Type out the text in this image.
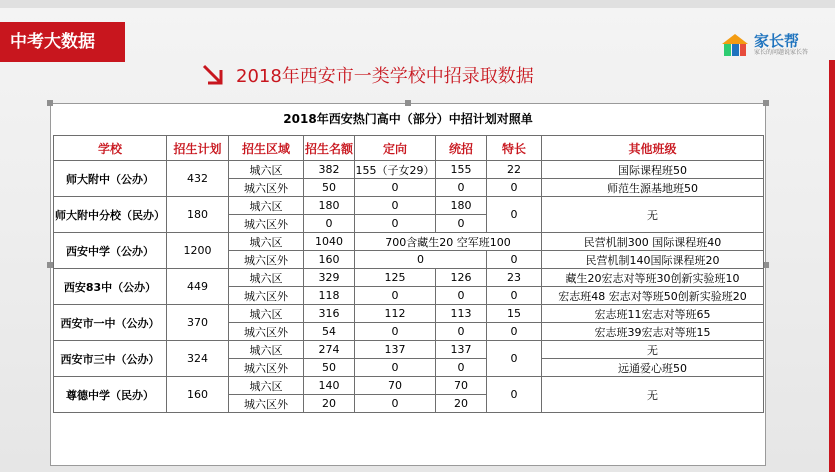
中考大数据	家长帮
家长的问题说家长答
2018年西安市一类学校中招录取数据
2018年西安热门高中（部分）中招计划对照单
学校	招生计划	招生区域	招生名额	定向	统招	特长	其他班级
师大附中（公办）	432	城六区	382	155（子女29）	155	22	国际课程班50
		城六区外	50	0	0	0	师范生源基地班50
师大附中分校（民办）	180	城六区	180	0	180	0	无
		城六区外	0	0	0		
西安中学（公办）	1200	城六区	1040	700含藏生20 空军班100			民营机制300 国际课程班40
		城六区外	160	0		0	民营机制140国际课程班20
西安83中（公办）	449	城六区	329	125	126	23	藏生20宏志对等班30创新实验班10
		城六区外	118	0	0	0	宏志班48 宏志对等班50创新实验班20
西安市一中（公办）	370	城六区	316	112	113	15	宏志班11宏志对等班65
		城六区外	54	0	0	0	宏志班39宏志对等班15
西安市三中（公办）	324	城六区	274	137	137	0	无
		城六区外	50	0	0		远通爱心班50
尊德中学（民办）	160	城六区	140	70	70	0	无
		城六区外	20	0	20		
